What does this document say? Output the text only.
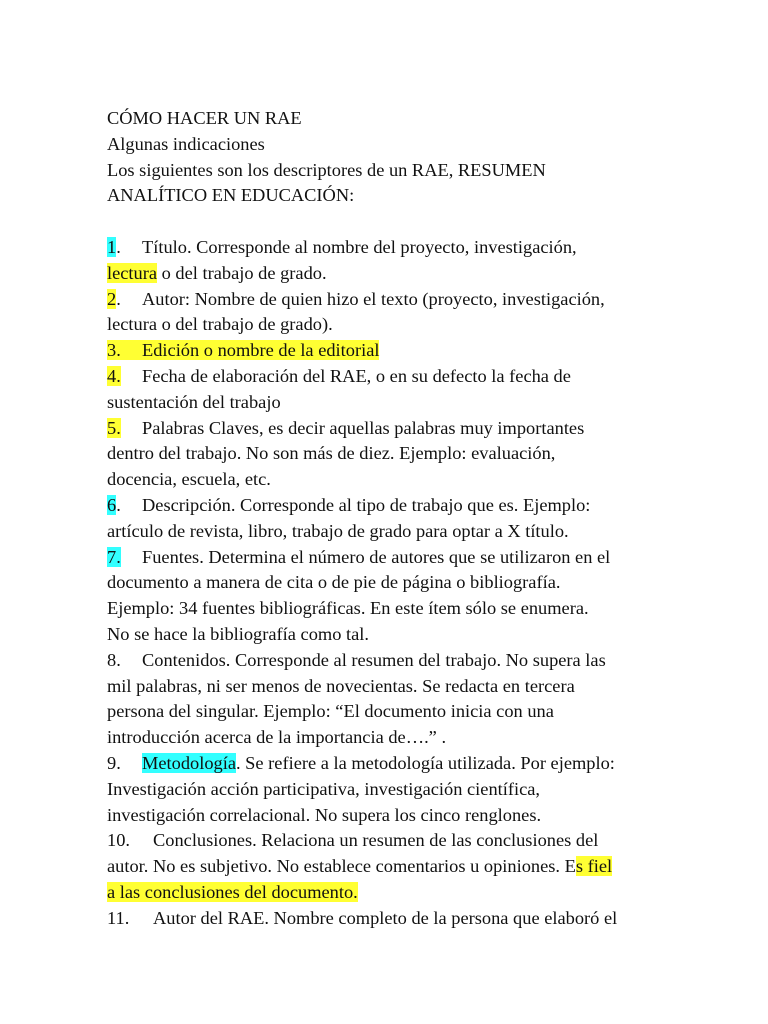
CÓMO HACER UN RAE
Algunas indicaciones
Los siguientes son los descriptores de un RAE, RESUMEN
ANALÍTICO EN EDUCACIÓN:
1. Título. Corresponde al nombre del proyecto, investigación,
lectura o del trabajo de grado.
2. Autor: Nombre de quien hizo el texto (proyecto, investigación,
lectura o del trabajo de grado).
3. Edición o nombre de la editorial
4. Fecha de elaboración del RAE, o en su defecto la fecha de
sustentación del trabajo
5. Palabras Claves, es decir aquellas palabras muy importantes
dentro del trabajo. No son más de diez. Ejemplo: evaluación,
docencia, escuela, etc.
6. Descripción. Corresponde al tipo de trabajo que es. Ejemplo:
artículo de revista, libro, trabajo de grado para optar a X título.
7. Fuentes. Determina el número de autores que se utilizaron en el
documento a manera de cita o de pie de página o bibliografía.
Ejemplo: 34 fuentes bibliográficas. En este ítem sólo se enumera.
No se hace la bibliografía como tal.
8. Contenidos. Corresponde al resumen del trabajo. No supera las
mil palabras, ni ser menos de novecientas. Se redacta en tercera
persona del singular. Ejemplo: “El documento inicia con una
introducción acerca de la importancia de….” .
9. Metodología. Se refiere a la metodología utilizada. Por ejemplo:
Investigación acción participativa, investigación científica,
investigación correlacional. No supera los cinco renglones.
10. Conclusiones. Relaciona un resumen de las conclusiones del
autor. No es subjetivo. No establece comentarios u opiniones. Es fiel
a las conclusiones del documento.
11. Autor del RAE. Nombre completo de la persona que elaboró el
